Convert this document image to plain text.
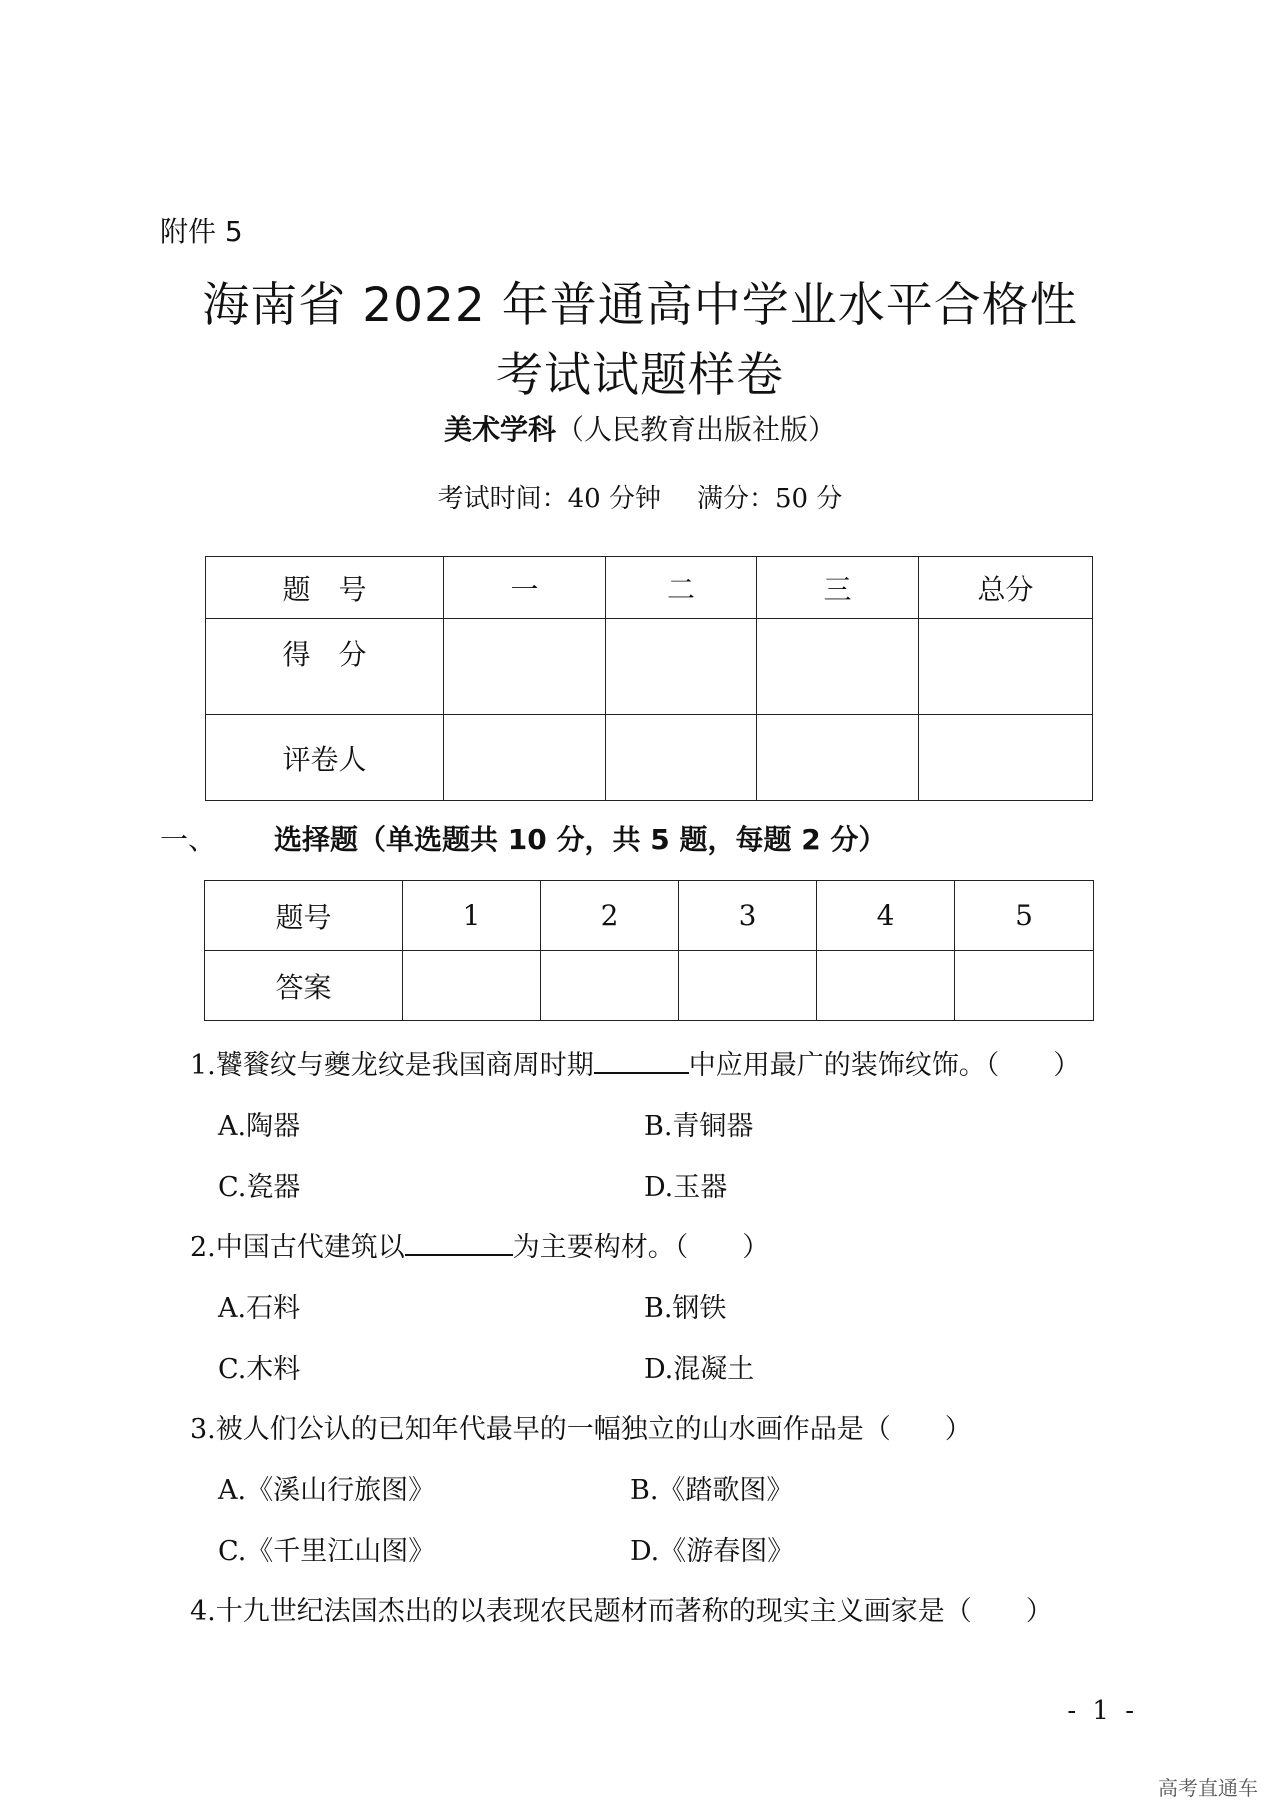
附件 5
海南省 2022 年普通高中学业水平合格性
考试试题样卷
美术学科（人民教育出版社版）
考试时间：40 分钟 满分：50 分
题　号	一	二	三	总分
得　分				
评卷人				
一、 选择题（单选题共 10 分，共 5 题，每题 2 分）
题号	1	2	3	4	5
答案					
1.饕餮纹与夔龙纹是我国商周时期	中应用最广的装饰纹饰。（　　）
A.陶器	B.青铜器
C.瓷器	D.玉器
2.中国古代建筑以	为主要构材。（　　）
A.石料	B.钢铁
C.木料	D.混凝土
3.被人们公认的已知年代最早的一幅独立的山水画作品是（　　）
A.《溪山行旅图》	B.《踏歌图》
C.《千里江山图》	D.《游春图》
4.十九世纪法国杰出的以表现农民题材而著称的现实主义画家是（　　）
- 1 -
高考直通车
